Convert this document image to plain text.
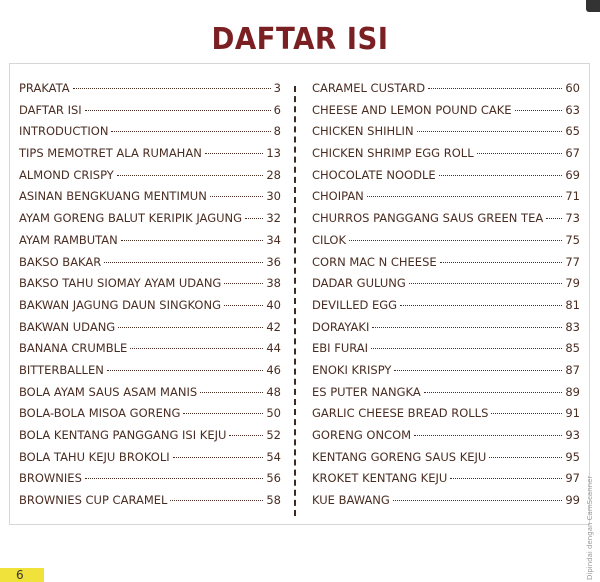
DAFTAR ISI
PRAKATA	3
DAFTAR ISI	6
INTRODUCTION	8
TIPS MEMOTRET ALA RUMAHAN	13
ALMOND CRISPY	28
ASINAN BENGKUANG MENTIMUN	30
AYAM GORENG BALUT KERIPIK JAGUNG 32
AYAM RAMBUTAN	34
BAKSO BAKAR	36
BAKSO TAHU SIOMAY AYAM UDANG	38
BAKWAN JAGUNG DAUN SINGKONG	40
BAKWAN UDANG	42
BANANA CRUMBLE	44
BITTERBALLEN	46
BOLA AYAM SAUS ASAM MANIS	48
BOLA-BOLA MISOA GORENG	50
BOLA KENTANG PANGGANG ISI KEJU	52
BOLA TAHU KEJU BROKOLI	54
BROWNIES	56
BROWNIES CUP CARAMEL	58
CARAMEL CUSTARD	60
CHEESE AND LEMON POUND CAKE	63
CHICKEN SHIHLIN	65
CHICKEN SHRIMP EGG ROLL	67
CHOCOLATE NOODLE	69
CHOIPAN	71
CHURROS PANGGANG SAUS GREEN TEA 73
CILOK	75
CORN MAC N CHEESE	77
DADAR GULUNG	79
DEVILLED EGG	81
DORAYAKI	83
EBI FURAI	85
ENOKI KRISPY	87
ES PUTER NANGKA	89
GARLIC CHEESE BREAD ROLLS	91
GORENG ONCOM	93
KENTANG GORENG SAUS KEJU	95
KROKET KENTANG KEJU	97
KUE BAWANG	99
6	Dipindai dengan CamScanner
